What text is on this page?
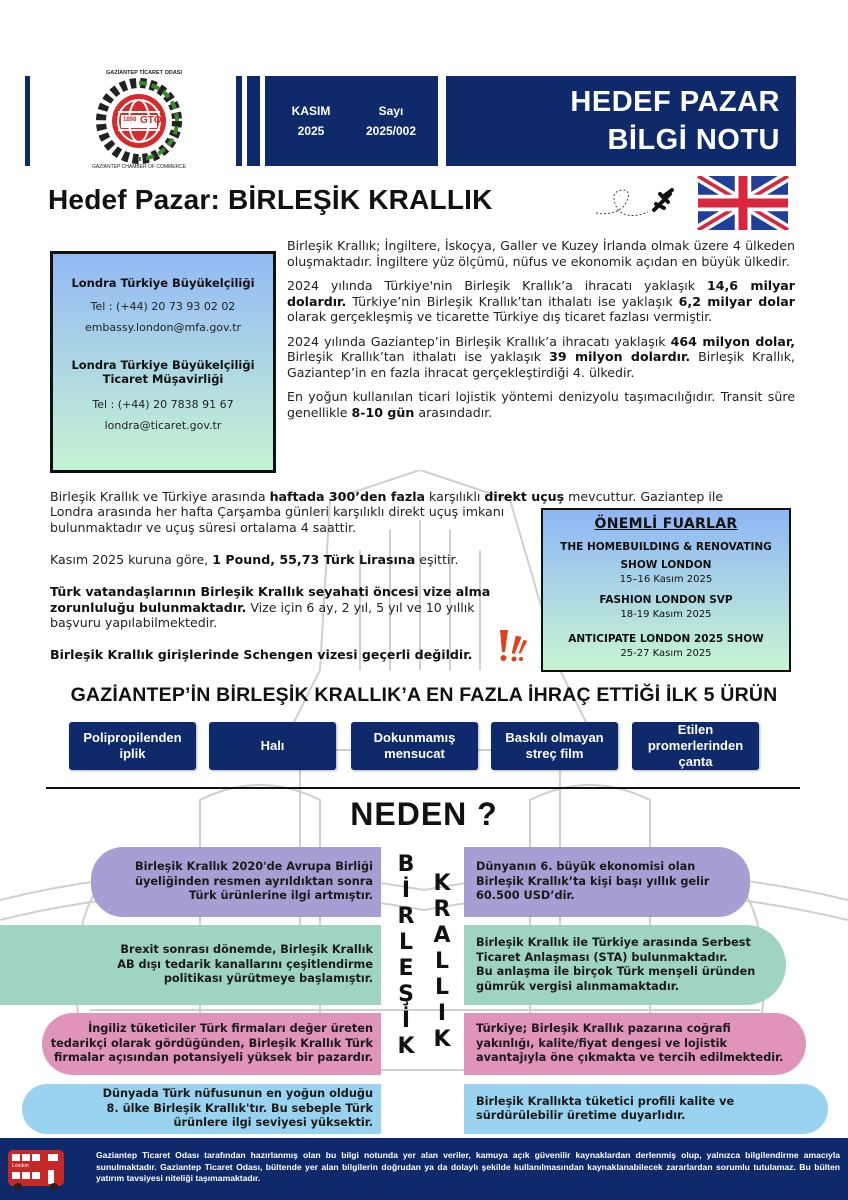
1898 GTO
GAZİANTEP TİCARET ODASI
GAZİANTEP CHAMBER OF COMMERCE
KASIM
2025
Sayı
2025/002
HEDEF PAZAR
BİLGİ NOTU
Hedef Pazar: BİRLEŞİK KRALLIK

Londra Türkiye Büyükelçiliği

Tel : (+44) 20 73 93 02 02

embassy.london@mfa.gov.tr

Londra Türkiye Büyükelçiliği

Ticaret Müşavirliği

Tel : (+44) 20 7838 91 67

londra@ticaret.gov.tr

Birleşik Krallık; İngiltere, İskoçya, Galler ve Kuzey İrlanda olmak üzere 4 ülkeden oluşmaktadır. İngiltere yüz ölçümü, nüfus ve ekonomik açıdan en büyük ülkedir.

2024 yılında Türkiye'nin Birleşik Krallık’a ihracatı yaklaşık 14,6 milyar dolardır. Türkiye’nin Birleşik Krallık’tan ithalatı ise yaklaşık 6,2 milyar dolar olarak gerçekleşmiş ve ticarette Türkiye dış ticaret fazlası vermiştir.

2024 yılında Gaziantep’in Birleşik Krallık’a ihracatı yaklaşık 464 milyon dolar, Birleşik Krallık’tan ithalatı ise yaklaşık 39 milyon dolardır. Birleşik Krallık, Gaziantep’in en fazla ihracat gerçekleştirdiği 4. ülkedir.

En yoğun kullanılan ticari lojistik yöntemi denizyolu taşımacılığıdır. Transit süre genellikle 8-10 gün arasındadır.

Birleşik Krallık ve Türkiye arasında haftada 300’den fazla karşılıklı direkt uçuş mevcuttur. Gaziantep ile
Londra arasında her hafta Çarşamba günleri karşılıklı direkt uçuş imkanı bulunmaktadır ve uçuş süresi ortalama 4 saattir.
Kasım 2025 kuruna göre, 1 Pound, 55,73 Türk Lirasına eşittir.
Türk vatandaşlarının Birleşik Krallık seyahati öncesi vize alma zorunluluğu bulunmaktadır. Vize için 6 ay, 2 yıl, 5 yıl ve 10 yıllık başvuru yapılabilmektedir.
Birleşik Krallık girişlerinde Schengen vizesi geçerli değildir.
ÖNEMLİ FUARLAR
THE HOMEBUILDING & RENOVATING
SHOW LONDON
15–16 Kasım 2025
FASHION LONDON SVP
18-19 Kasım 2025
ANTICIPATE LONDON 2025 SHOW
25-27 Kasım 2025
GAZİANTEP’İN BİRLEŞİK KRALLIK’A EN FAZLA İHRAÇ ETTİĞİ İLK 5 ÜRÜN
Polipropilenden
iplik
Halı
Dokunmamış
mensucat
Baskılı olmayan
streç film
Etilen
promerlerinden
çanta
NEDEN ?
Birleşik Krallık 2020'de Avrupa Birliği
üyeliğinden resmen ayrıldıktan sonra
Türk ürünlerine ilgi artmıştır.
Brexit sonrası dönemde, Birleşik Krallık
AB dışı tedarik kanallarını çeşitlendirme
politikası yürütmeye başlamıştır.
İngiliz tüketiciler Türk firmaları değer üreten
tedarikçi olarak gördüğünden, Birleşik Krallık Türk
firmalar açısından potansiyeli yüksek bir pazardır.
Dünyada Türk nüfusunun en yoğun olduğu
8. ülke Birleşik Krallık'tır. Bu sebeple Türk
ürünlere ilgi seviyesi yüksektir.
B
İ
R
L
E
Ş
İ
K
K
R
A
L
L
I
K
Dünyanın 6. büyük ekonomisi olan
Birleşik Krallık’ta kişi başı yıllık gelir
60.500 USD’dir.
Birleşik Krallık ile Türkiye arasında Serbest
Ticaret Anlaşması (STA) bulunmaktadır.
Bu anlaşma ile birçok Türk menşeli üründen
gümrük vergisi alınmamaktadır.
Türkiye; Birleşik Krallık pazarına coğrafi
yakınlığı, kalite/fiyat dengesi ve lojistik
avantajıyla öne çıkmakta ve tercih edilmektedir.
Birleşik Krallıkta tüketici profili kalite ve
sürdürülebilir üretime duyarlıdır.
London
Gaziantep Ticaret Odası tarafından hazırlanmış olan bu bilgi notunda yer alan veriler, kamuya açık güvenilir kaynaklardan derlenmiş olup, yalnızca bilgilendirme amacıyla sunulmaktadır. Gaziantep Ticaret Odası, bültende yer alan bilgilerin doğrudan ya da dolaylı şekilde kullanılmasından kaynaklanabilecek zararlardan sorumlu tutulamaz. Bu bülten yatırım tavsiyesi niteliği taşımamaktadır.
